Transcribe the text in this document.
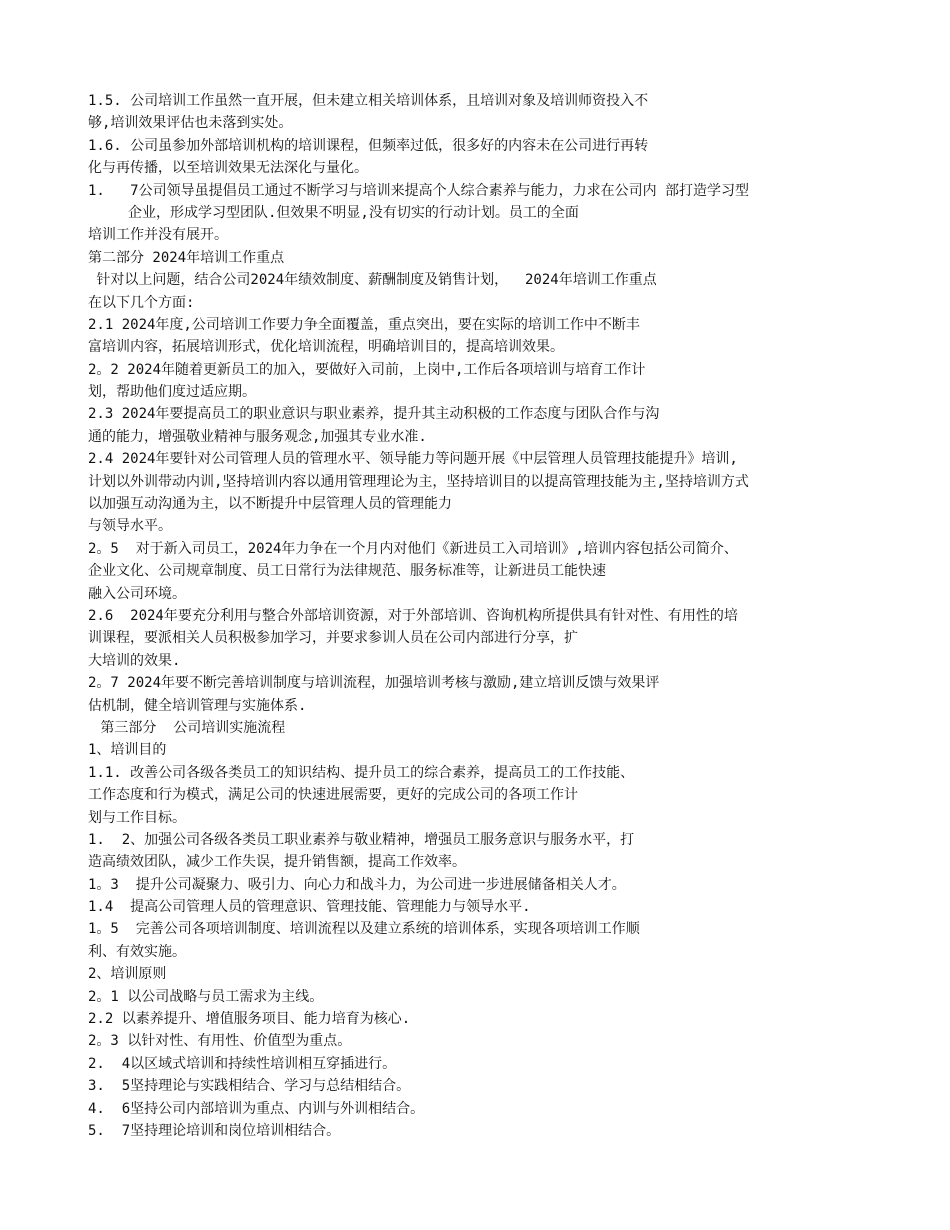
1.5. 公司培训工作虽然一直开展，但未建立相关培训体系，且培训对象及培训师资投入不
够,培训效果评估也未落到实处。
1.6. 公司虽参加外部培训机构的培训课程，但频率过低，很多好的内容未在公司进行再转
化与再传播，以至培训效果无法深化与量化。
1.   7公司领导虽提倡员工通过不断学习与培训来提高个人综合素养与能力，力求在公司内 部打造学习型
企业，形成学习型团队.但效果不明显,没有切实的行动计划。员工的全面
培训工作并没有展开。
第二部分 2024年培训工作重点
针对以上问题，结合公司2024年绩效制度、薪酬制度及销售计划，  2024年培训工作重点
在以下几个方面:
2.1 2024年度,公司培训工作要力争全面覆盖，重点突出，要在实际的培训工作中不断丰
富培训内容，拓展培训形式，优化培训流程，明确培训目的，提高培训效果。
2。2 2024年随着更新员工的加入，要做好入司前，上岗中,工作后各项培训与培育工作计
划，帮助他们度过适应期。
2.3 2024年要提高员工的职业意识与职业素养，提升其主动积极的工作态度与团队合作与沟
通的能力，增强敬业精神与服务观念,加强其专业水准.
2.4 2024年要针对公司管理人员的管理水平、领导能力等问题开展《中层管理人员管理技能提升》培训,
计划以外训带动内训,坚持培训内容以通用管理理论为主，坚持培训目的以提高管理技能为主,坚持培训方式
以加强互动沟通为主，以不断提升中层管理人员的管理能力
与领导水平。
2。5  对于新入司员工，2024年力争在一个月内对他们《新进员工入司培训》,培训内容包括公司简介、
企业文化、公司规章制度、员工日常行为法律规范、服务标准等，让新进员工能快速
融入公司环境。
2.6  2024年要充分利用与整合外部培训资源，对于外部培训、咨询机构所提供具有针对性、有用性的培
训课程，要派相关人员积极参加学习，并要求参训人员在公司内部进行分享，扩
大培训的效果.
2。7 2024年要不断完善培训制度与培训流程，加强培训考核与激励,建立培训反馈与效果评
估机制，健全培训管理与实施体系.
第三部分  公司培训实施流程
1、培训目的
1.1. 改善公司各级各类员工的知识结构、提升员工的综合素养，提高员工的工作技能、
工作态度和行为模式，满足公司的快速进展需要，更好的完成公司的各项工作计
划与工作目标。
1.  2、加强公司各级各类员工职业素养与敬业精神，增强员工服务意识与服务水平，打
造高绩效团队，减少工作失误，提升销售额，提高工作效率。
1。3  提升公司凝聚力、吸引力、向心力和战斗力，为公司进一步进展储备相关人才。
1.4  提高公司管理人员的管理意识、管理技能、管理能力与领导水平.
1。5  完善公司各项培训制度、培训流程以及建立系统的培训体系，实现各项培训工作顺
利、有效实施。
2、培训原则
2。1 以公司战略与员工需求为主线。
2.2 以素养提升、增值服务项目、能力培育为核心.
2。3 以针对性、有用性、价值型为重点。
2.  4以区域式培训和持续性培训相互穿插进行。
3.  5坚持理论与实践相结合、学习与总结相结合。
4.  6坚持公司内部培训为重点、内训与外训相结合。
5.  7坚持理论培训和岗位培训相结合。
